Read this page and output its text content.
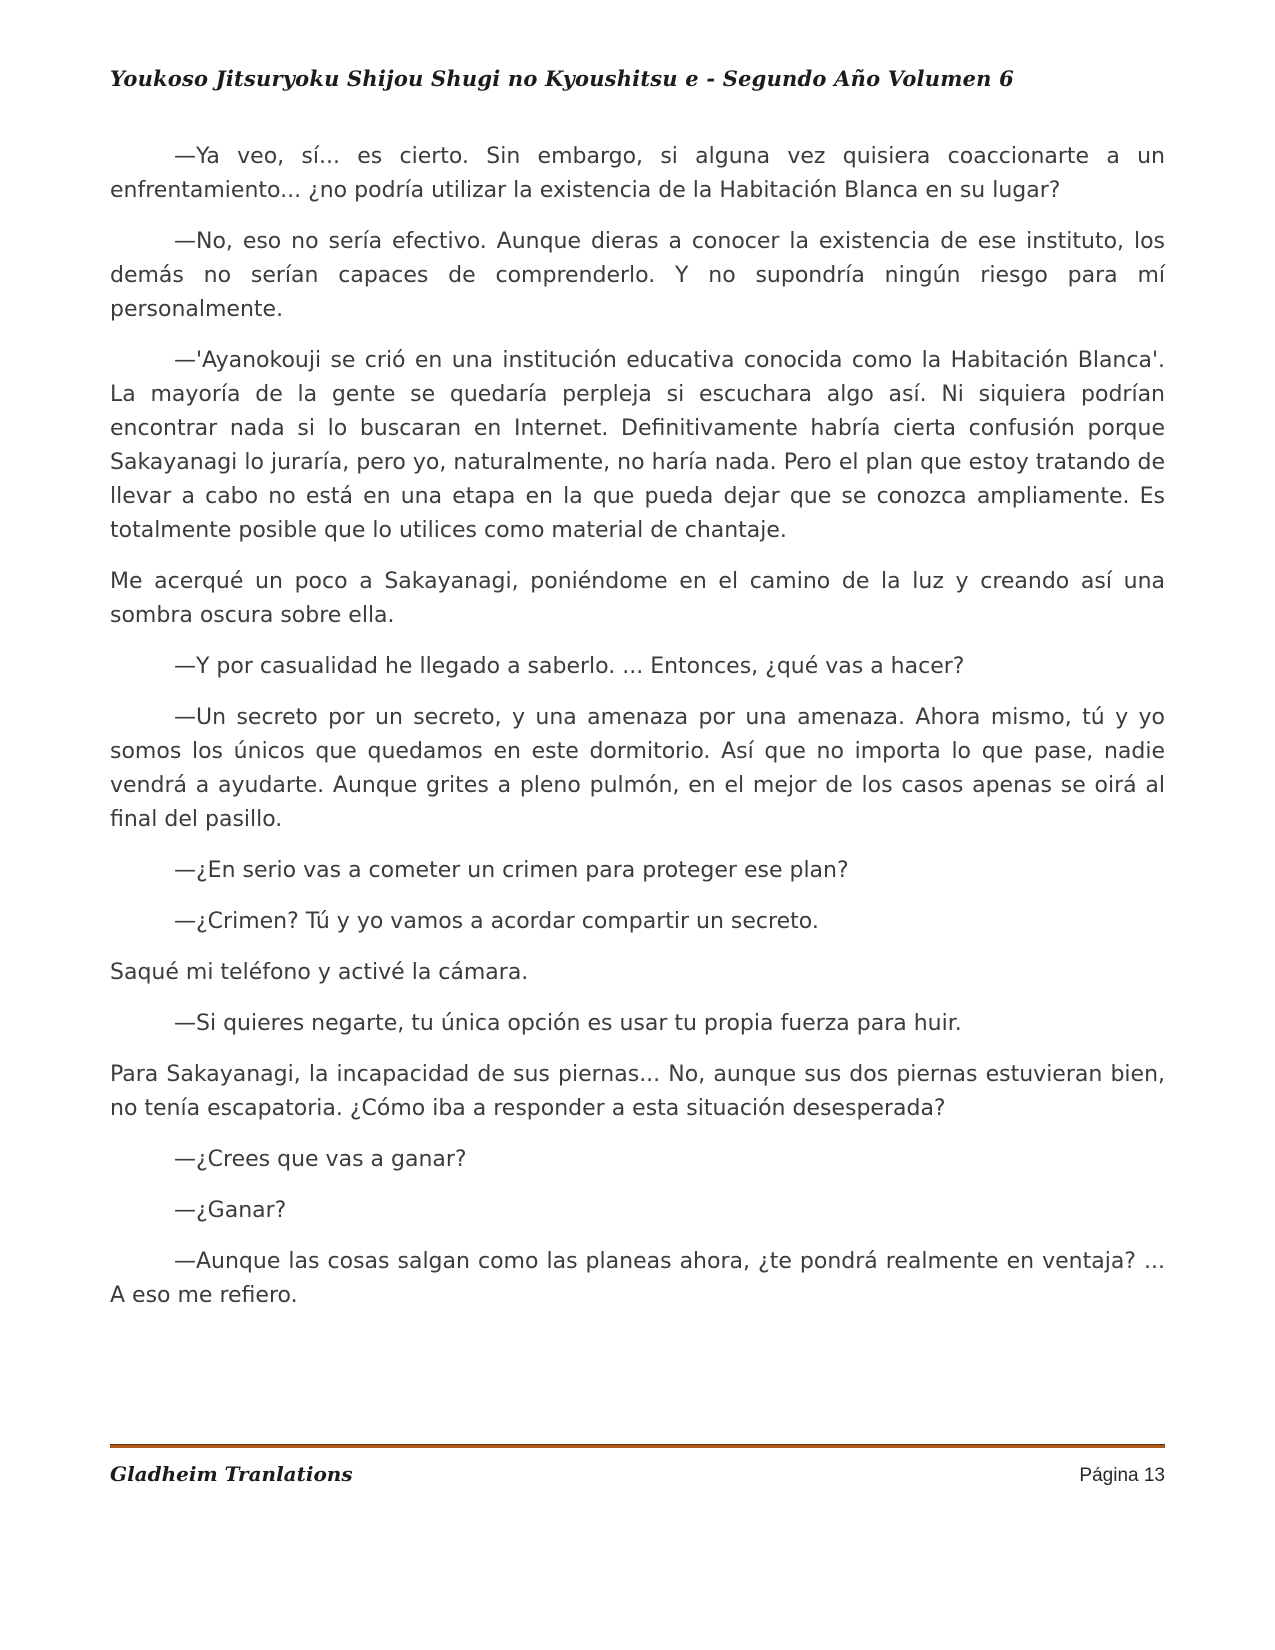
Youkoso Jitsuryoku Shijou Shugi no Kyoushitsu e - Segundo Año Volumen 6

—Ya veo, sí... es cierto. Sin embargo, si alguna vez quisiera coaccionarte a un enfrentamiento... ¿no podría utilizar la existencia de la Habitación Blanca en su lugar?

—No, eso no sería efectivo. Aunque dieras a conocer la existencia de ese instituto, los demás no serían capaces de comprenderlo. Y no supondría ningún riesgo para mí personalmente.

—'Ayanokouji se crió en una institución educativa conocida como la Habitación Blanca'. La mayoría de la gente se quedaría perpleja si escuchara algo así. Ni siquiera podrían encontrar nada si lo buscaran en Internet. Definitivamente habría cierta confusión porque Sakayanagi lo juraría, pero yo, naturalmente, no haría nada. Pero el plan que estoy tratando de llevar a cabo no está en una etapa en la que pueda dejar que se conozca ampliamente. Es totalmente posible que lo utilices como material de chantaje.

Me acerqué un poco a Sakayanagi, poniéndome en el camino de la luz y creando así una sombra oscura sobre ella.

—Y por casualidad he llegado a saberlo. ... Entonces, ¿qué vas a hacer?

—Un secreto por un secreto, y una amenaza por una amenaza. Ahora mismo, tú y yo somos los únicos que quedamos en este dormitorio. Así que no importa lo que pase, nadie vendrá a ayudarte. Aunque grites a pleno pulmón, en el mejor de los casos apenas se oirá al final del pasillo.

—¿En serio vas a cometer un crimen para proteger ese plan?

—¿Crimen? Tú y yo vamos a acordar compartir un secreto.

Saqué mi teléfono y activé la cámara.

—Si quieres negarte, tu única opción es usar tu propia fuerza para huir.

Para Sakayanagi, la incapacidad de sus piernas... No, aunque sus dos piernas estuvieran bien, no tenía escapatoria. ¿Cómo iba a responder a esta situación desesperada?

—¿Crees que vas a ganar?

—¿Ganar?

—Aunque las cosas salgan como las planeas ahora, ¿te pondrá realmente en ventaja? ... A eso me refiero.

Gladheim Tranlations	Página 13
